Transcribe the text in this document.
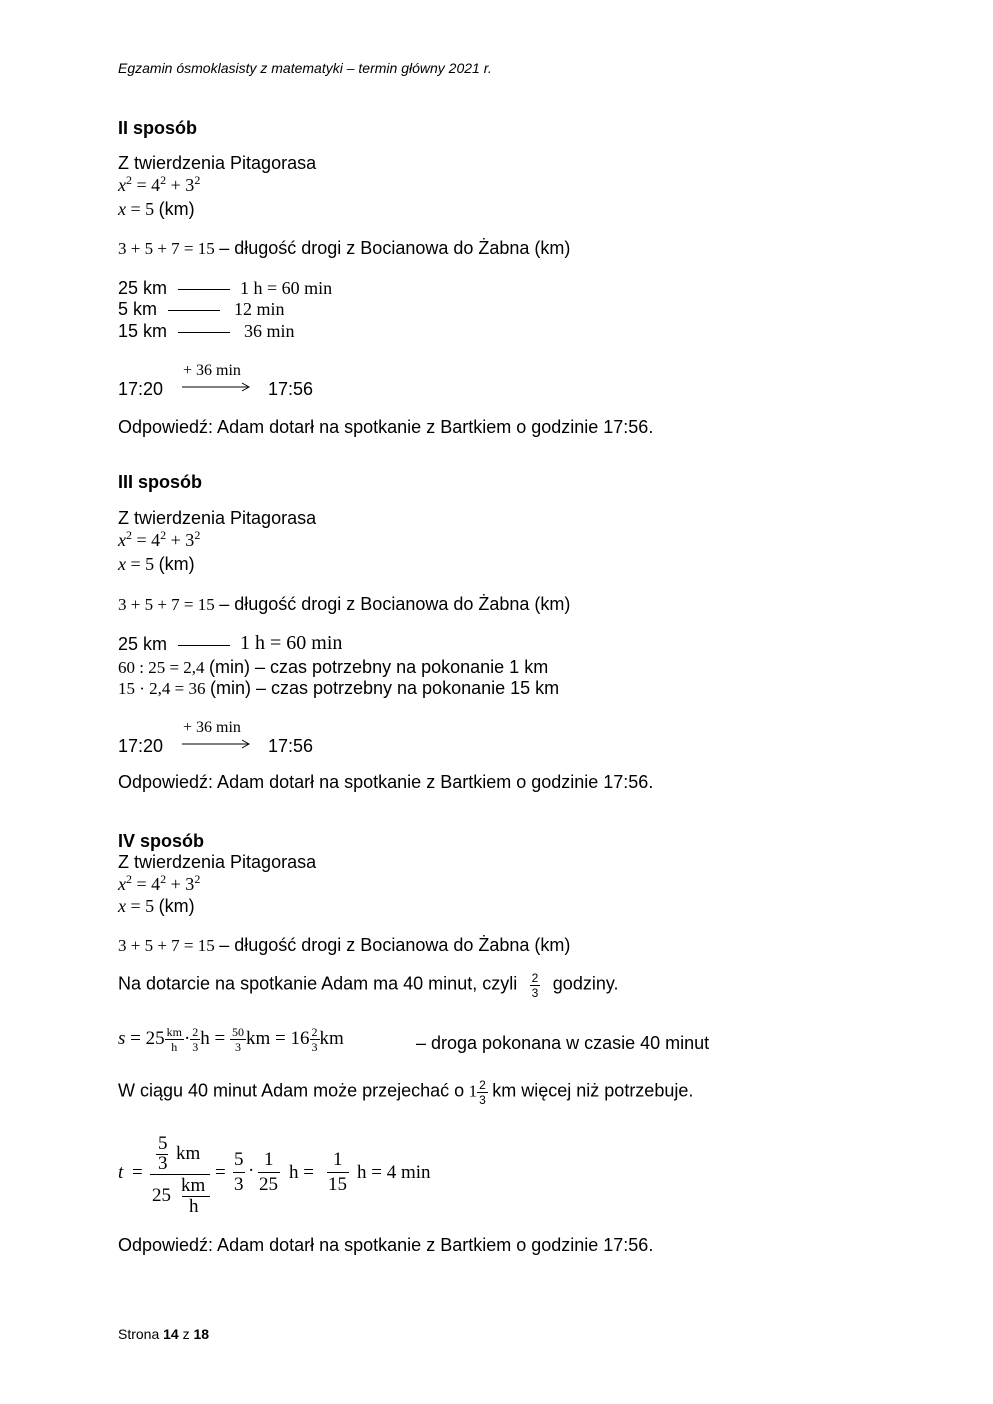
Egzamin ósmoklasisty z matematyki – termin główny 2021 r.
II sposób
Z twierdzenia Pitagorasa
$x^2 = 4^2 + 3^2$
x = 5 (km)
3 + 5 + 7 = 15 – długość drogi z Bocianowa do Żabna (km)
25 km	1 h = 60 min
5 km	12 min
15 km	36 min
+ 36 min
17:20	17:56
Odpowiedź: Adam dotarł na spotkanie z Bartkiem o godzinie 17:56.
III sposób
Z twierdzenia Pitagorasa
$x^2 = 4^2 + 3^2$
x = 5 (km)
3 + 5 + 7 = 15 – długość drogi z Bocianowa do Żabna (km)
25 km	1 h = 60 min
60 : 25 = 2,4 (min) – czas potrzebny na pokonanie 1 km
15 · 2,4 = 36 (min) – czas potrzebny na pokonanie 15 km
+ 36 min
17:20	17:56
Odpowiedź: Adam dotarł na spotkanie z Bartkiem o godzinie 17:56.
IV sposób
Z twierdzenia Pitagorasa
$x^2 = 4^2 + 3^2$
x = 5 (km)
3 + 5 + 7 = 15 – długość drogi z Bocianowa do Żabna (km)
Na dotarcie na spotkanie Adam ma 40 minut, czyli $\frac{2}{3}$ godziny.
$s = 25 \frac{km}{h} \cdot \frac{2}{3}$ $h = \frac{50}{3}$ km = $16 \frac{2}{3}$ km	– droga pokonana w czasie 40 minut
W ciągu 40 minut Adam może przejechać o $1 \frac{2}{3}$ km więcej niż potrzebuje.
t =
5
3 km
25 km
h
=
5
3
·
1
25
h =
1
15
h = 4 min
Odpowiedź: Adam dotarł na spotkanie z Bartkiem o godzinie 17:56.
Strona 14 z 18
